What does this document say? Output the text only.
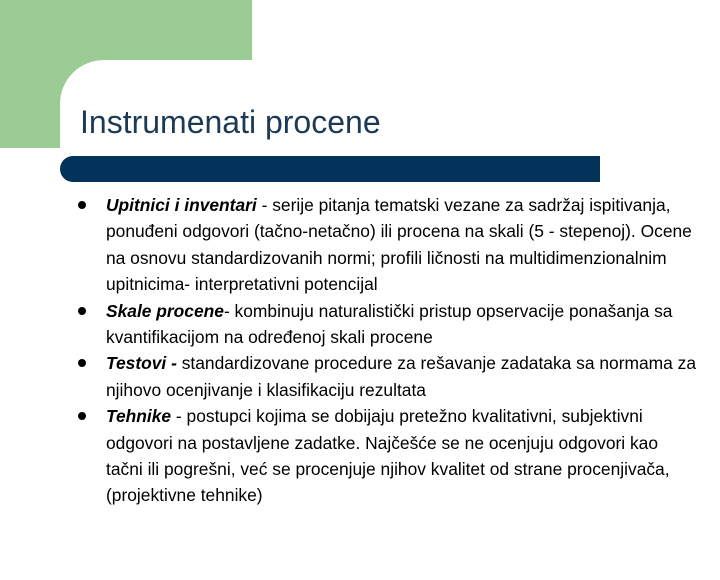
Instrumenati procene
Upitnici i inventari - serije pitanja tematski vezane za sadržaj ispitivanja, ponuđeni odgovori (tačno-netačno) ili procena na skali (5 - stepenoj). Ocene na osnovu standardizovanih normi; profili ličnosti na multidimenzionalnim upitnicima- interpretativni potencijal
Skale procene- kombinuju naturalistički pristup opservacije ponašanja sa kvantifikacijom na određenoj skali procene
Testovi - standardizovane procedure za rešavanje zadataka sa normama za njihovo ocenjivanje i klasifikaciju rezultata
Tehnike - postupci kojima se dobijaju pretežno kvalitativni, subjektivni odgovori na postavljene zadatke. Najčešće se ne ocenjuju odgovori kao tačni ili pogrešni, već se procenjuje njihov kvalitet od strane procenjivača, (projektivne tehnike)
